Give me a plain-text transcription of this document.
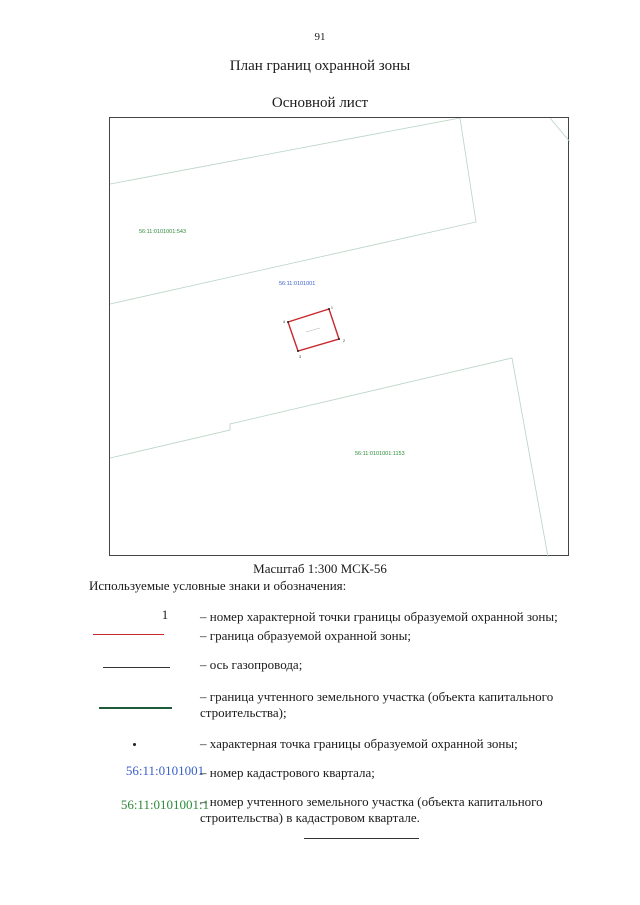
91
План границ охранной зоны
Основной лист
1
2
3
4
56:11:0101001:543
56:11:0101001
56:11:0101001:1153
Масштаб 1:300 МСК-56
Используемые условные знаки и обозначения:
1	– номер характерной точки границы образуемой охранной зоны;
– граница образуемой охранной зоны;
– ось газопровода;
– граница учтенного земельного участка (объекта капитального строительства);
– характерная точка границы образуемой охранной зоны;
56:11:0101001
– номер кадастрового квартала;
56:11:0101001:1
– номер учтенного земельного участка (объекта капитального строительства) в кадастровом квартале.
